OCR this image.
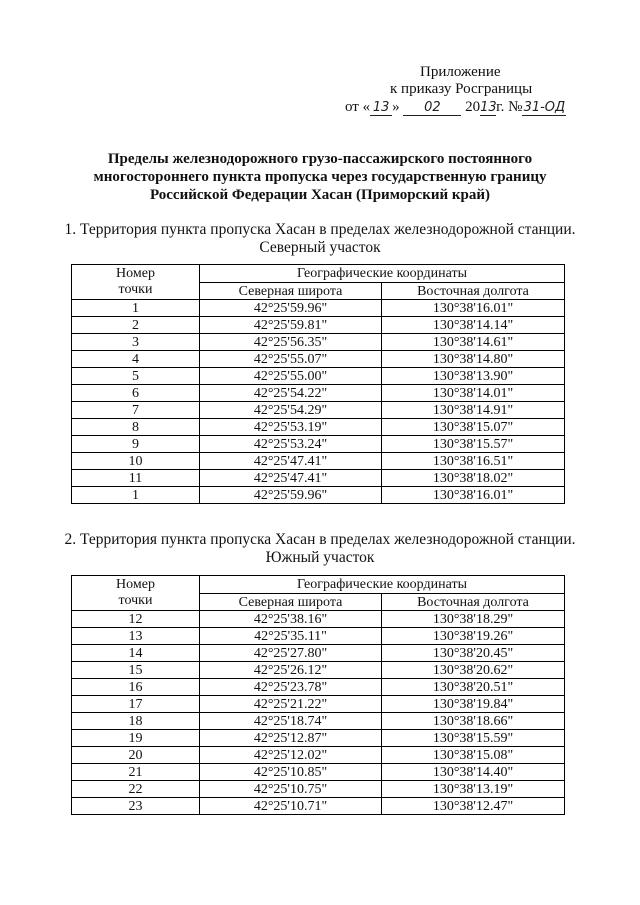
Приложение
к приказу Росграницы
от « 13 » 02 2013г. №31-ОД
Пределы железнодорожного грузо-пассажирского постоянного
многостороннего пункта пропуска через государственную границу
Российской Федерации Хасан (Приморский край)
1. Территория пункта пропуска Хасан в пределах железнодорожной станции.
Северный участок
Номер
точки	Географические координаты	
	Северная широта	Восточная долгота
1	42°25'59.96"	130°38'16.01"
2	42°25'59.81"	130°38'14.14"
3	42°25'56.35"	130°38'14.61"
4	42°25'55.07"	130°38'14.80"
5	42°25'55.00"	130°38'13.90"
6	42°25'54.22"	130°38'14.01"
7	42°25'54.29"	130°38'14.91"
8	42°25'53.19"	130°38'15.07"
9	42°25'53.24"	130°38'15.57"
10	42°25'47.41"	130°38'16.51"
11	42°25'47.41"	130°38'18.02"
1	42°25'59.96"	130°38'16.01"
2. Территория пункта пропуска Хасан в пределах железнодорожной станции.
Южный участок
Номер
точки	Географические координаты	
	Северная широта	Восточная долгота
12	42°25'38.16"	130°38'18.29"
13	42°25'35.11"	130°38'19.26"
14	42°25'27.80"	130°38'20.45"
15	42°25'26.12"	130°38'20.62"
16	42°25'23.78"	130°38'20.51"
17	42°25'21.22"	130°38'19.84"
18	42°25'18.74"	130°38'18.66"
19	42°25'12.87"	130°38'15.59"
20	42°25'12.02"	130°38'15.08"
21	42°25'10.85"	130°38'14.40"
22	42°25'10.75"	130°38'13.19"
23	42°25'10.71"	130°38'12.47"
